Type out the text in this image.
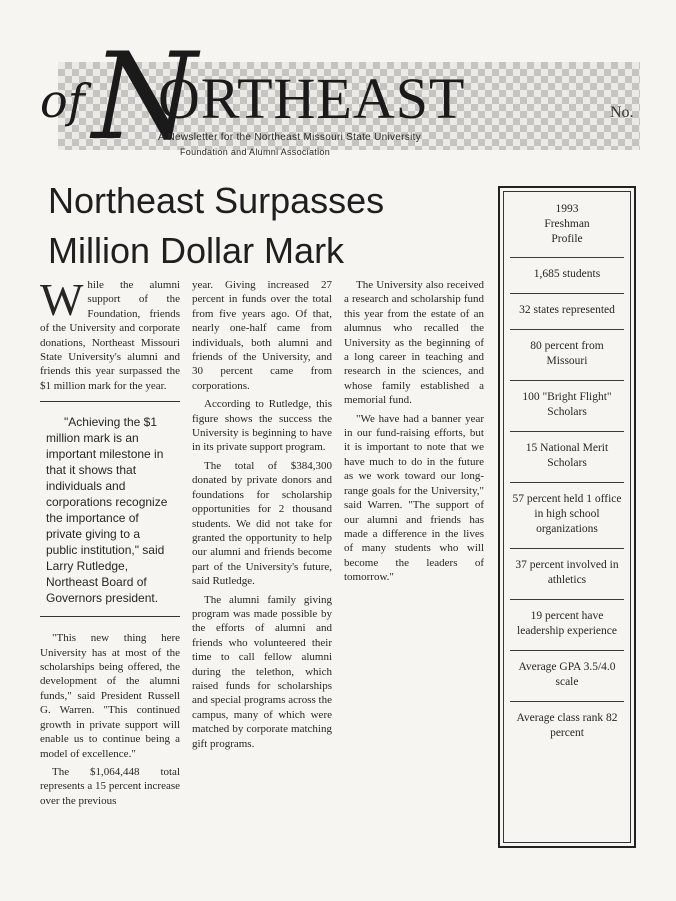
of N
ORTHEAST
A Newsletter for the Northeast Missouri State University
Foundation and Alumni Association
No.
Northeast Surpasses
Million Dollar Mark

While the alumni support of the Foundation, friends of the University and corporate donations, Northeast Missouri State University's alumni and friends this year surpassed the $1 million mark for the year.

"Achieving the $1 million mark is an important milestone in that it shows that individuals and corporations recognize the importance of private giving to a public institution," said Larry Rutledge, Northeast Board of Governors president.

"This new thing here University has at most of the scholarships being offered, the development of the alumni funds," said President Russell G. Warren. "This continued growth in private support will enable us to continue being a model of excellence."

The $1,064,448 total represents a 15 percent increase over the previous

year. Giving increased 27 percent in funds over the total from five years ago. Of that, nearly one-half came from individuals, both alumni and friends of the University, and 30 percent came from corporations.

According to Rutledge, this figure shows the success the University is beginning to have in its private support program.

The total of $384,300 donated by private donors and foundations for scholarship opportunities for 2 thousand students. We did not take for granted the opportunity to help our alumni and friends become part of the University's future, said Rutledge.

The alumni family giving program was made possible by the efforts of alumni and friends who volunteered their time to call fellow alumni during the telethon, which raised funds for scholarships and special programs across the campus, many of which were matched by corporate matching gift programs.

The University also received a research and scholarship fund this year from the estate of an alumnus who recalled the University as the beginning of a long career in teaching and research in the sciences, and whose family established a memorial fund.

"We have had a banner year in our fund-raising efforts, but it is important to note that we have much to do in the future as we work toward our long-range goals for the University," said Warren. "The support of our alumni and friends has made a difference in the lives of many students who will become the leaders of tomorrow."

1993
Freshman
Profile
1,685 students
32 states represented
80 percent from Missouri
100 "Bright Flight" Scholars
15 National Merit Scholars
57 percent held 1 office in high school organizations
37 percent involved in athletics
19 percent have leadership experience
Average GPA 3.5/4.0 scale
Average class rank 82 percent
